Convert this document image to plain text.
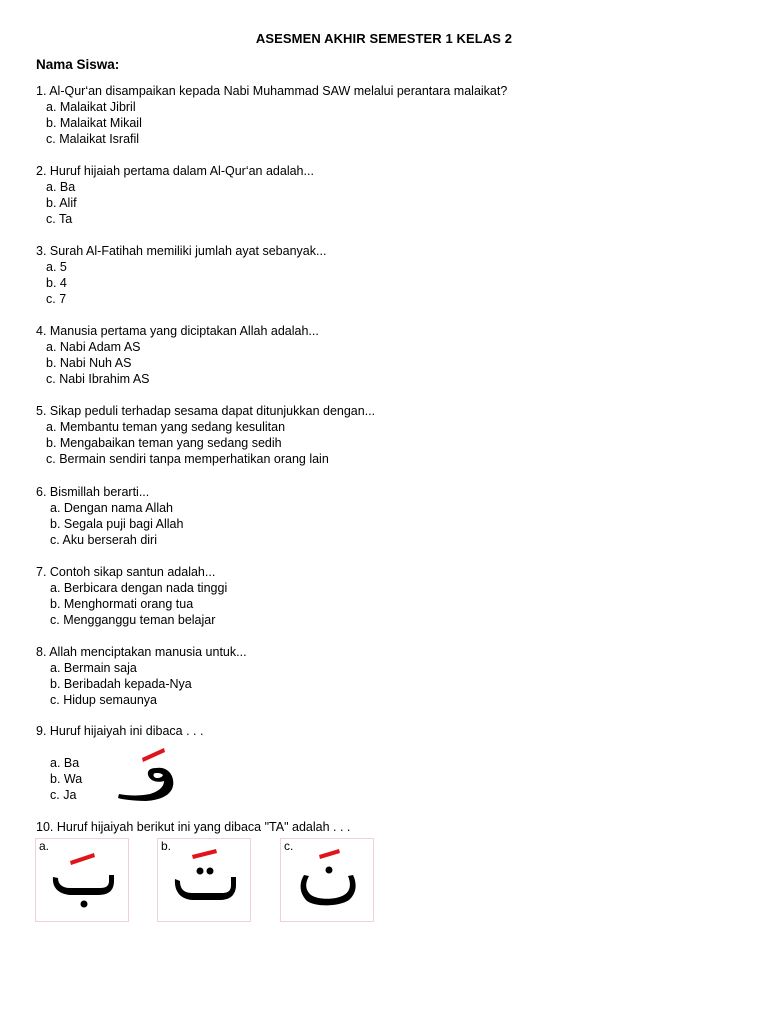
ASESMEN AKHIR SEMESTER 1 KELAS 2
Nama Siswa:
1. Al-Qur‘an disampaikan kepada Nabi Muhammad SAW melalui perantara malaikat?
a. Malaikat Jibril
b. Malaikat Mikail
c. Malaikat Israfil
2. Huruf hijaiah pertama dalam Al-Qur‘an adalah...
a. Ba
b. Alif
c. Ta
3. Surah Al-Fatihah memiliki jumlah ayat sebanyak...
a. 5
b. 4
c. 7
4. Manusia pertama yang diciptakan Allah adalah...
a. Nabi Adam AS
b. Nabi Nuh AS
c. Nabi Ibrahim AS
5. Sikap peduli terhadap sesama dapat ditunjukkan dengan...
a. Membantu teman yang sedang kesulitan
b. Mengabaikan teman yang sedang sedih
c. Bermain sendiri tanpa memperhatikan orang lain
6. Bismillah berarti...
a. Dengan nama Allah
b. Segala puji bagi Allah
c. Aku berserah diri
7. Contoh sikap santun adalah...
a. Berbicara dengan nada tinggi
b. Menghormati orang tua
c. Mengganggu teman belajar
8. Allah menciptakan manusia untuk...
a. Bermain saja
b. Beribadah kepada-Nya
c. Hidup semaunya
9. Huruf hijaiyah ini dibaca . . .
a. Ba
b. Wa
c. Ja
10. Huruf hijaiyah berikut ini yang dibaca "TA" adalah . . .
a.	b.	c.
